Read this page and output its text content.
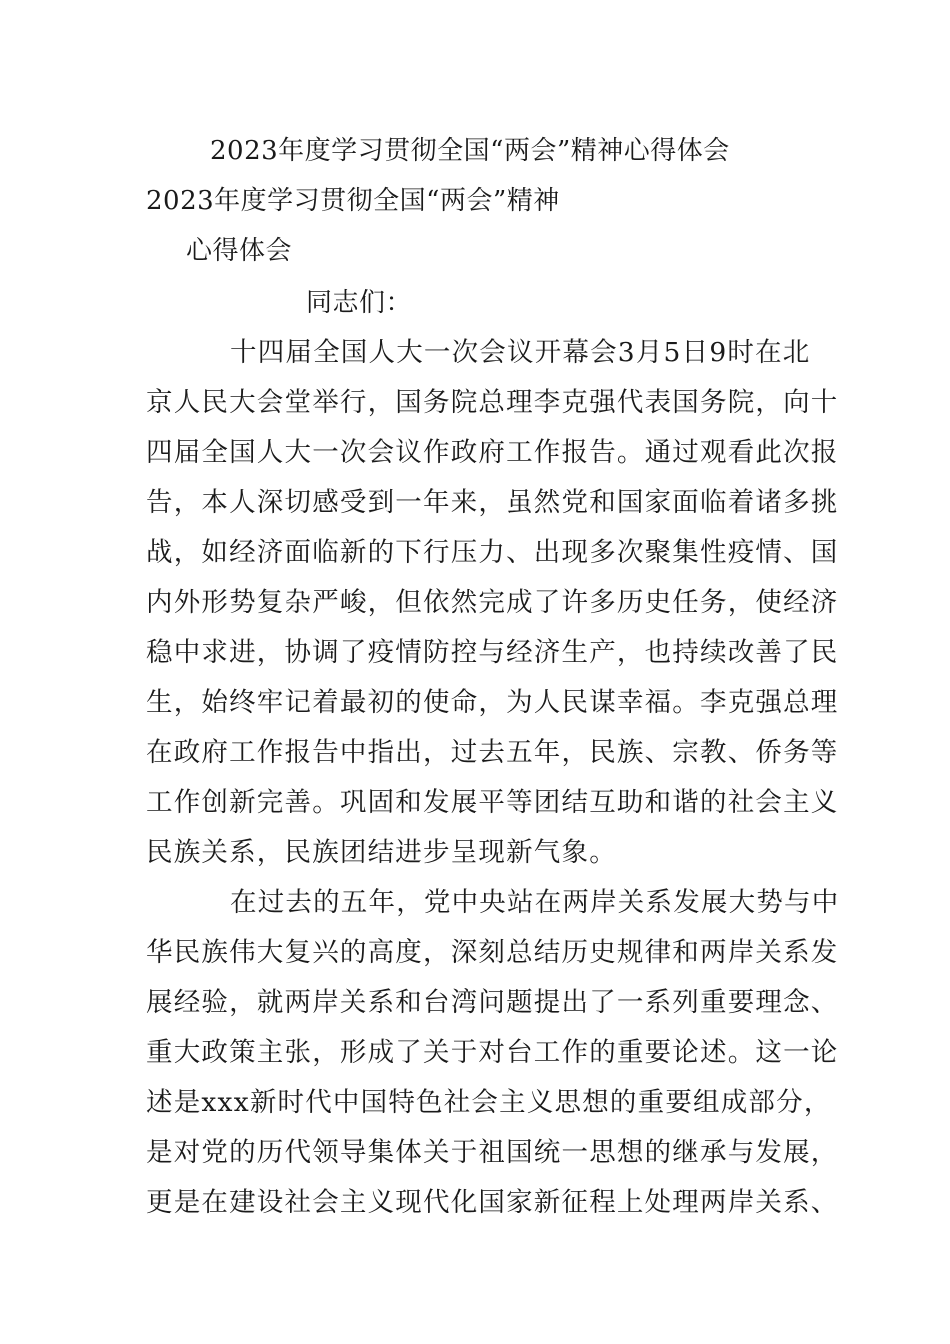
2023年度学习贯彻全国“两会”精神心得体会
2023年度学习贯彻全国“两会”精神
心得体会
同志们：
十四届全国人大一次会议开幕会3月5日9时在北
京人民大会堂举行，国务院总理李克强代表国务院，向十
四届全国人大一次会议作政府工作报告。通过观看此次报
告，本人深切感受到一年来，虽然党和国家面临着诸多挑
战，如经济面临新的下行压力、出现多次聚集性疫情、国
内外形势复杂严峻，但依然完成了许多历史任务，使经济
稳中求进，协调了疫情防控与经济生产，也持续改善了民
生，始终牢记着最初的使命，为人民谋幸福。李克强总理
在政府工作报告中指出，过去五年，民族、宗教、侨务等
工作创新完善。巩固和发展平等团结互助和谐的社会主义
民族关系，民族团结进步呈现新气象。
在过去的五年，党中央站在两岸关系发展大势与中
华民族伟大复兴的高度，深刻总结历史规律和两岸关系发
展经验，就两岸关系和台湾问题提出了一系列重要理念、
重大政策主张，形成了关于对台工作的重要论述。这一论
述是xxx新时代中国特色社会主义思想的重要组成部分，
是对党的历代领导集体关于祖国统一思想的继承与发展，
更是在建设社会主义现代化国家新征程上处理两岸关系、
